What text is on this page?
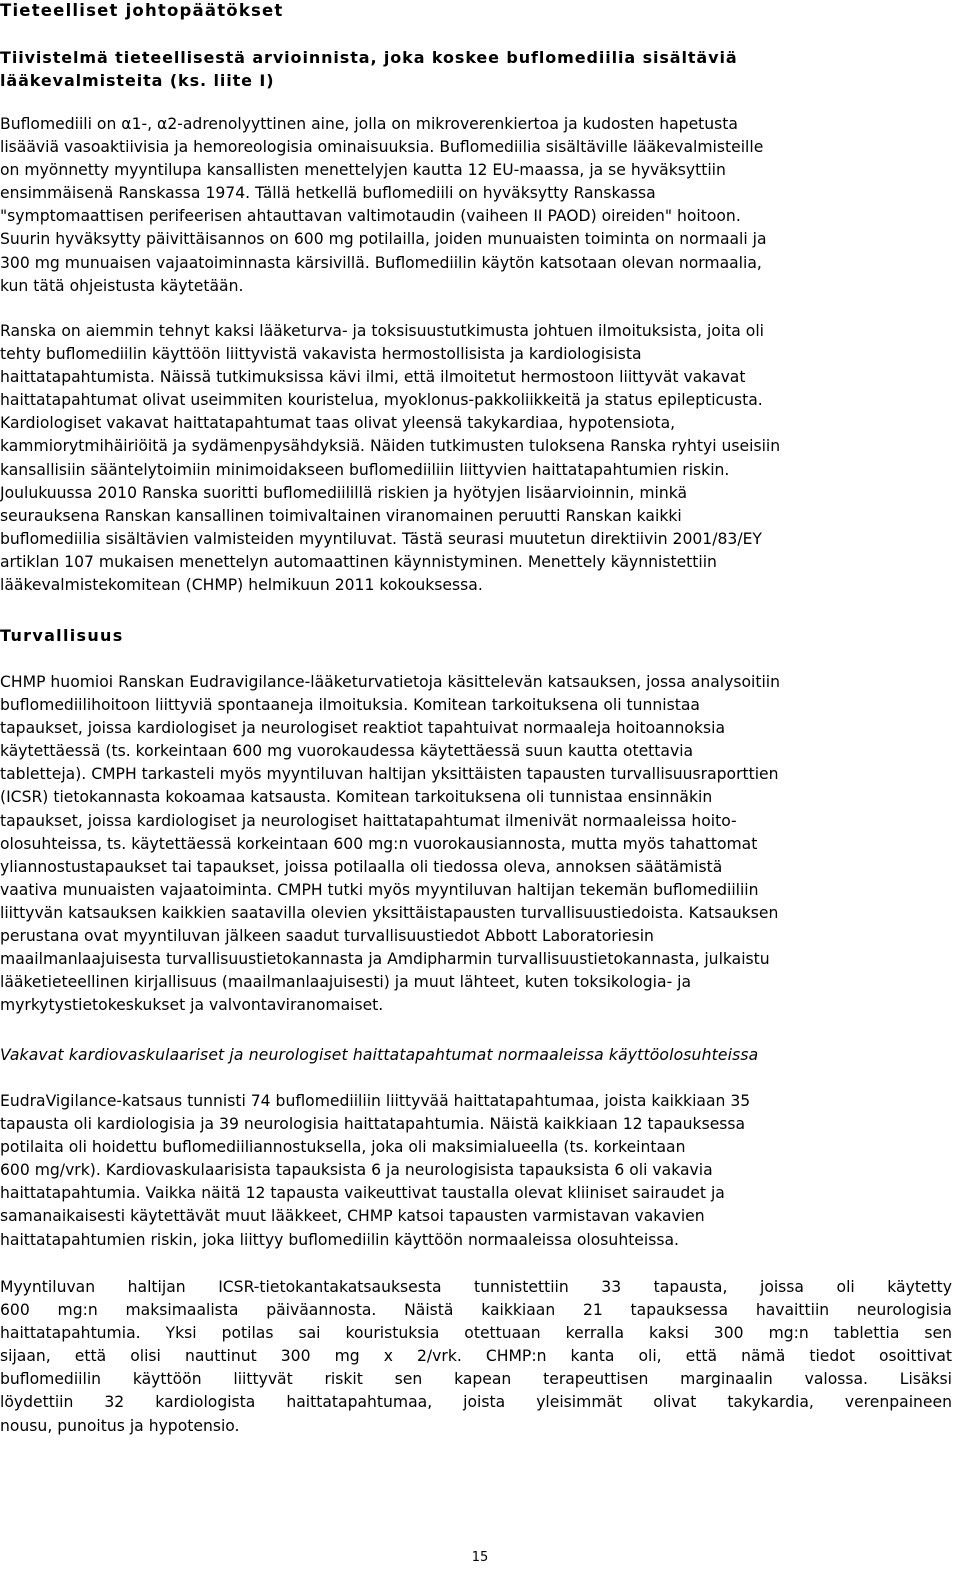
Tieteelliset johtopäätökset
Tiivistelmä tieteellisestä arvioinnista, joka koskee buflomediilia sisältäviä
lääkevalmisteita (ks. liite I)
Buflomediili on α1-, α2-adrenolyyttinen aine, jolla on mikroverenkiertoa ja kudosten hapetusta
lisääviä vasoaktiivisia ja hemoreologisia ominaisuuksia. Buflomediilia sisältäville lääkevalmisteille
on myönnetty myyntilupa kansallisten menettelyjen kautta 12 EU-maassa, ja se hyväksyttiin
ensimmäisenä Ranskassa 1974. Tällä hetkellä buflomediili on hyväksytty Ranskassa
"symptomaattisen perifeerisen ahtauttavan valtimotaudin (vaiheen II PAOD) oireiden" hoitoon.
Suurin hyväksytty päivittäisannos on 600 mg potilailla, joiden munuaisten toiminta on normaali ja
300 mg munuaisen vajaatoiminnasta kärsivillä. Buflomediilin käytön katsotaan olevan normaalia,
kun tätä ohjeistusta käytetään.
Ranska on aiemmin tehnyt kaksi lääketurva- ja toksisuustutkimusta johtuen ilmoituksista, joita oli
tehty buflomediilin käyttöön liittyvistä vakavista hermostollisista ja kardiologisista
haittatapahtumista. Näissä tutkimuksissa kävi ilmi, että ilmoitetut hermostoon liittyvät vakavat
haittatapahtumat olivat useimmiten kouristelua, myoklonus-pakkoliikkeitä ja status epilepticusta.
Kardiologiset vakavat haittatapahtumat taas olivat yleensä takykardiaa, hypotensiota,
kammiorytmihäiriöitä ja sydämenpysähdyksiä. Näiden tutkimusten tuloksena Ranska ryhtyi useisiin
kansallisiin sääntelytoimiin minimoidakseen buflomediiliin liittyvien haittatapahtumien riskin.
Joulukuussa 2010 Ranska suoritti buflomediilillä riskien ja hyötyjen lisäarvioinnin, minkä
seurauksena Ranskan kansallinen toimivaltainen viranomainen peruutti Ranskan kaikki
buflomediilia sisältävien valmisteiden myyntiluvat. Tästä seurasi muutetun direktiivin 2001/83/EY
artiklan 107 mukaisen menettelyn automaattinen käynnistyminen. Menettely käynnistettiin
lääkevalmistekomitean (CHMP) helmikuun 2011 kokouksessa.
Turvallisuus
CHMP huomioi Ranskan Eudravigilance-lääketurvatietoja käsittelevän katsauksen, jossa analysoitiin
buflomediilihoitoon liittyviä spontaaneja ilmoituksia. Komitean tarkoituksena oli tunnistaa
tapaukset, joissa kardiologiset ja neurologiset reaktiot tapahtuivat normaaleja hoitoannoksia
käytettäessä (ts. korkeintaan 600 mg vuorokaudessa käytettäessä suun kautta otettavia
tabletteja). CMPH tarkasteli myös myyntiluvan haltijan yksittäisten tapausten turvallisuusraporttien
(ICSR) tietokannasta kokoamaa katsausta. Komitean tarkoituksena oli tunnistaa ensinnäkin
tapaukset, joissa kardiologiset ja neurologiset haittatapahtumat ilmenivät normaaleissa hoito-
olosuhteissa, ts. käytettäessä korkeintaan 600 mg:n vuorokausiannosta, mutta myös tahattomat
yliannostustapaukset tai tapaukset, joissa potilaalla oli tiedossa oleva, annoksen säätämistä
vaativa munuaisten vajaatoiminta. CMPH tutki myös myyntiluvan haltijan tekemän buflomediiliin
liittyvän katsauksen kaikkien saatavilla olevien yksittäistapausten turvallisuustiedoista. Katsauksen
perustana ovat myyntiluvan jälkeen saadut turvallisuustiedot Abbott Laboratoriesin
maailmanlaajuisesta turvallisuustietokannasta ja Amdipharmin turvallisuustietokannasta, julkaistu
lääketieteellinen kirjallisuus (maailmanlaajuisesti) ja muut lähteet, kuten toksikologia- ja
myrkytystietokeskukset ja valvontaviranomaiset.
Vakavat kardiovaskulaariset ja neurologiset haittatapahtumat normaaleissa käyttöolosuhteissa
EudraVigilance-katsaus tunnisti 74 buflomediiliin liittyvää haittatapahtumaa, joista kaikkiaan 35
tapausta oli kardiologisia ja 39 neurologisia haittatapahtumia. Näistä kaikkiaan 12 tapauksessa
potilaita oli hoidettu buflomediiliannostuksella, joka oli maksimialueella (ts. korkeintaan
600 mg/vrk). Kardiovaskulaarisista tapauksista 6 ja neurologisista tapauksista 6 oli vakavia
haittatapahtumia. Vaikka näitä 12 tapausta vaikeuttivat taustalla olevat kliiniset sairaudet ja
samanaikaisesti käytettävät muut lääkkeet, CHMP katsoi tapausten varmistavan vakavien
haittatapahtumien riskin, joka liittyy buflomediilin käyttöön normaaleissa olosuhteissa.
Myyntiluvan haltijan ICSR-tietokantakatsauksesta tunnistettiin 33 tapausta, joissa oli käytetty
600 mg:n maksimaalista päiväannosta. Näistä kaikkiaan 21 tapauksessa havaittiin neurologisia
haittatapahtumia. Yksi potilas sai kouristuksia otettuaan kerralla kaksi 300 mg:n tablettia sen
sijaan, että olisi nauttinut 300 mg x 2/vrk. CHMP:n kanta oli, että nämä tiedot osoittivat
buflomediilin käyttöön liittyvät riskit sen kapean terapeuttisen marginaalin valossa. Lisäksi
löydettiin 32 kardiologista haittatapahtumaa, joista yleisimmät olivat takykardia, verenpaineen
nousu, punoitus ja hypotensio.
15
